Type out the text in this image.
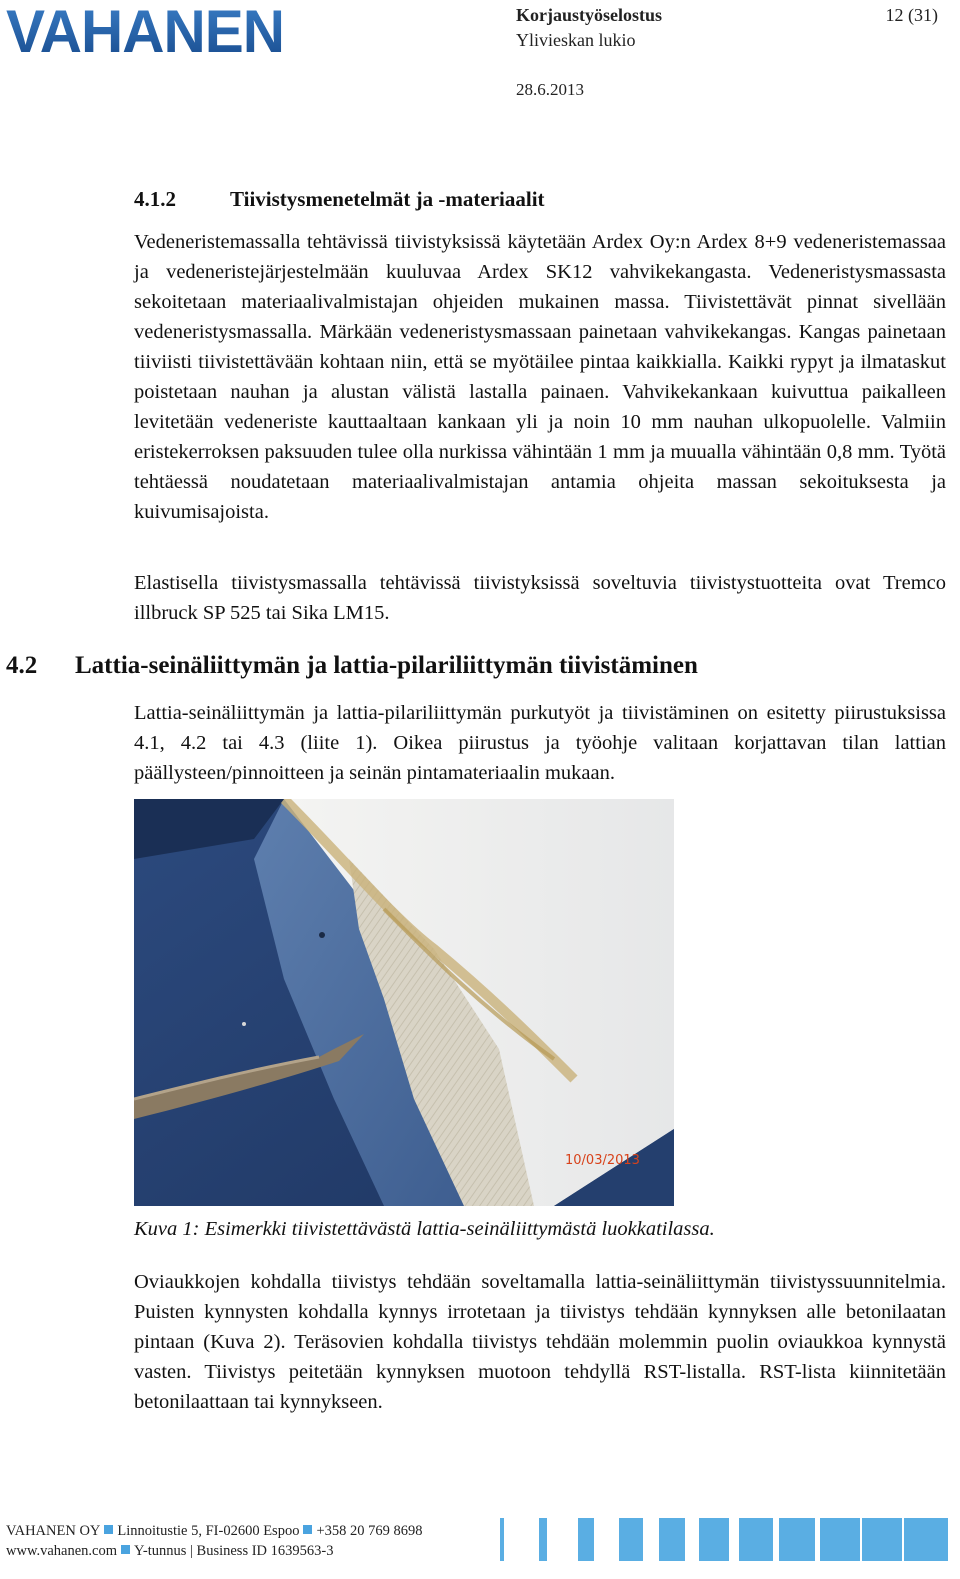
VAHANEN	Korjaustyöselostus
Ylivieskan lukio
28.6.2013
12 (31)
4.1.2	Tiivistysmenetelmät ja -materiaalit

Vedeneristemassalla tehtävissä tiivistyksissä käytetään Ardex Oy:n Ardex 8+9 vedeneristemassaa ja vedeneristejärjestelmään kuuluvaa Ardex SK12 vahvikekangasta. Vedeneristysmassasta sekoitetaan materiaalivalmistajan ohjeiden mukainen massa. Tiivistettävät pinnat sivellään vedeneristysmassalla. Märkään vedeneristysmassaan painetaan vahvikekangas. Kangas painetaan tiiviisti tiivistettävään kohtaan niin, että se myötäilee pintaa kaikkialla. Kaikki rypyt ja ilmataskut poistetaan nauhan ja alustan välistä lastalla painaen. Vahvikekankaan kuivuttua paikalleen levitetään vedeneriste kauttaaltaan kankaan yli ja noin 10 mm nauhan ulkopuolelle. Valmiin eristekerroksen paksuuden tulee olla nurkissa vähintään 1 mm ja muualla vähintään 0,8 mm. Työtä tehtäessä noudatetaan materiaalivalmistajan antamia ohjeita massan sekoituksesta ja kuivumisajoista.

Elastisella tiivistysmassalla tehtävissä tiivistyksissä soveltuvia tiivistystuotteita ovat Tremco illbruck SP 525 tai Sika LM15.

4.2 Lattia-seinäliittymän ja lattia-pilariliittymän tiivistäminen

Lattia-seinäliittymän ja lattia-pilariliittymän purkutyöt ja tiivistäminen on esitetty piirustuksissa 4.1, 4.2 tai 4.3 (liite 1). Oikea piirustus ja työohje valitaan korjattavan tilan lattian päällysteen/pinnoitteen ja seinän pintamateriaalin mukaan.

10/03/2013
Kuva 1: Esimerkki tiivistettävästä lattia-seinäliittymästä luokkatilassa.

Oviaukkojen kohdalla tiivistys tehdään soveltamalla lattia-seinäliittymän tiivistyssuunnitelmia. Puisten kynnysten kohdalla kynnys irrotetaan ja tiivistys tehdään kynnyksen alle betonilaatan pintaan (Kuva 2). Teräsovien kohdalla tiivistys tehdään molemmin puolin oviaukkoa kynnystä vasten. Tiivistys peitetään kynnyksen muotoon tehdyllä RST-listalla. RST-lista kiinnitetään betonilaattaan tai kynnykseen.

VAHANEN OY Linnoitustie 5, FI-02600 Espoo +358 20 769 8698
www.vahanen.com Y-tunnus | Business ID 1639563-3
